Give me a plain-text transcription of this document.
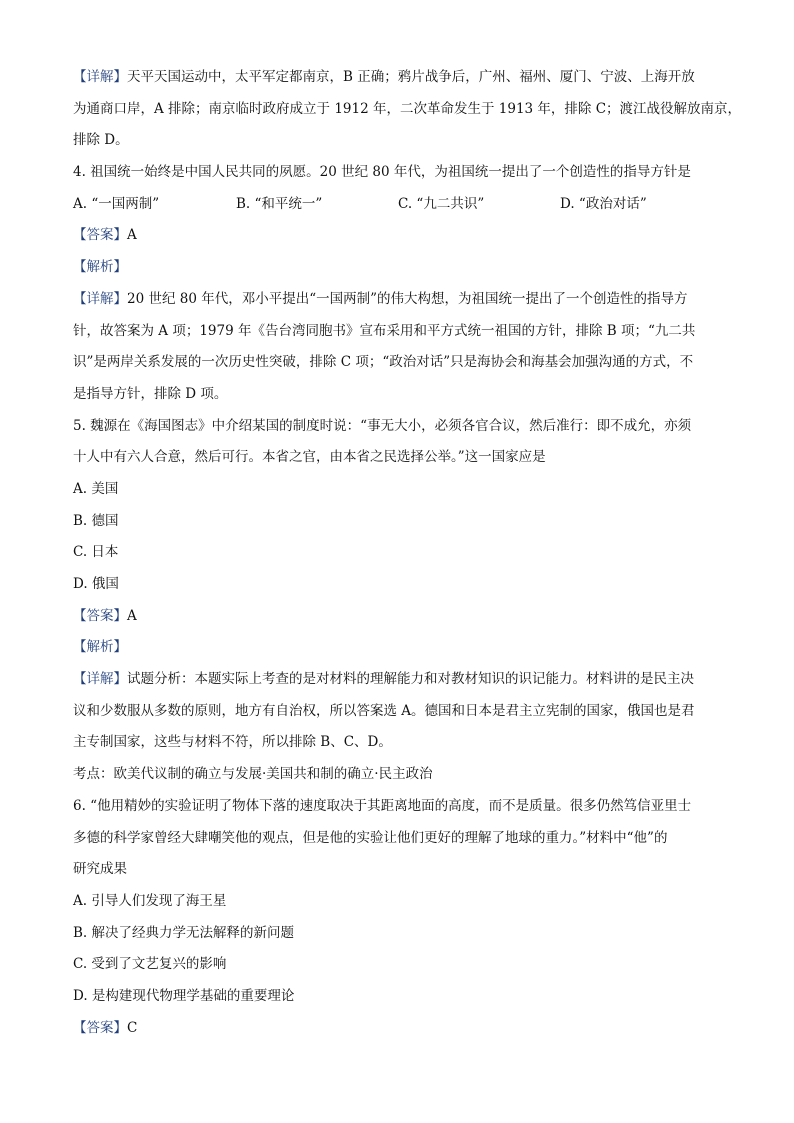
【详解】天平天国运动中，太平军定都南京，B 正确；鸦片战争后，广州、福州、厦门、宁波、上海开放
为通商口岸，A 排除；南京临时政府成立于 1912 年，二次革命发生于 1913 年，排除 C；渡江战役解放南京，
排除 D。
4. 祖国统一始终是中国人民共同的夙愿。20 世纪 80 年代，为祖国统一提出了一个创造性的指导方针是
A. “一国两制”	B. “和平统一”	C. “九二共识”	D. “政治对话”
【答案】A
【解析】
【详解】20 世纪 80 年代，邓小平提出“一国两制”的伟大构想，为祖国统一提出了一个创造性的指导方
针，故答案为 A 项；1979 年《告台湾同胞书》宣布采用和平方式统一祖国的方针，排除 B 项；“九二共
识”是两岸关系发展的一次历史性突破，排除 C 项；“政治对话”只是海协会和海基会加强沟通的方式，不
是指导方针，排除 D 项。
5. 魏源在《海国图志》中介绍某国的制度时说：“事无大小，必须各官合议，然后准行：即不成允，亦须
十人中有六人合意，然后可行。本省之官，由本省之民选择公举。”这一国家应是
A. 美国
B. 德国
C. 日本
D. 俄国
【答案】A
【解析】
【详解】试题分析：本题实际上考查的是对材料的理解能力和对教材知识的识记能力。材料讲的是民主决
议和少数服从多数的原则，地方有自治权，所以答案选 A。德国和日本是君主立宪制的国家，俄国也是君
主专制国家，这些与材料不符，所以排除 B、C、D。
考点：欧美代议制的确立与发展·美国共和制的确立·民主政治
6. “他用精妙的实验证明了物体下落的速度取决于其距离地面的高度，而不是质量。很多仍然笃信亚里士
多德的科学家曾经大肆嘲笑他的观点，但是他的实验让他们更好的理解了地球的重力。”材料中“他”的
研究成果
A. 引导人们发现了海王星
B. 解决了经典力学无法解释的新问题
C. 受到了文艺复兴的影响
D. 是构建现代物理学基础的重要理论
【答案】C
